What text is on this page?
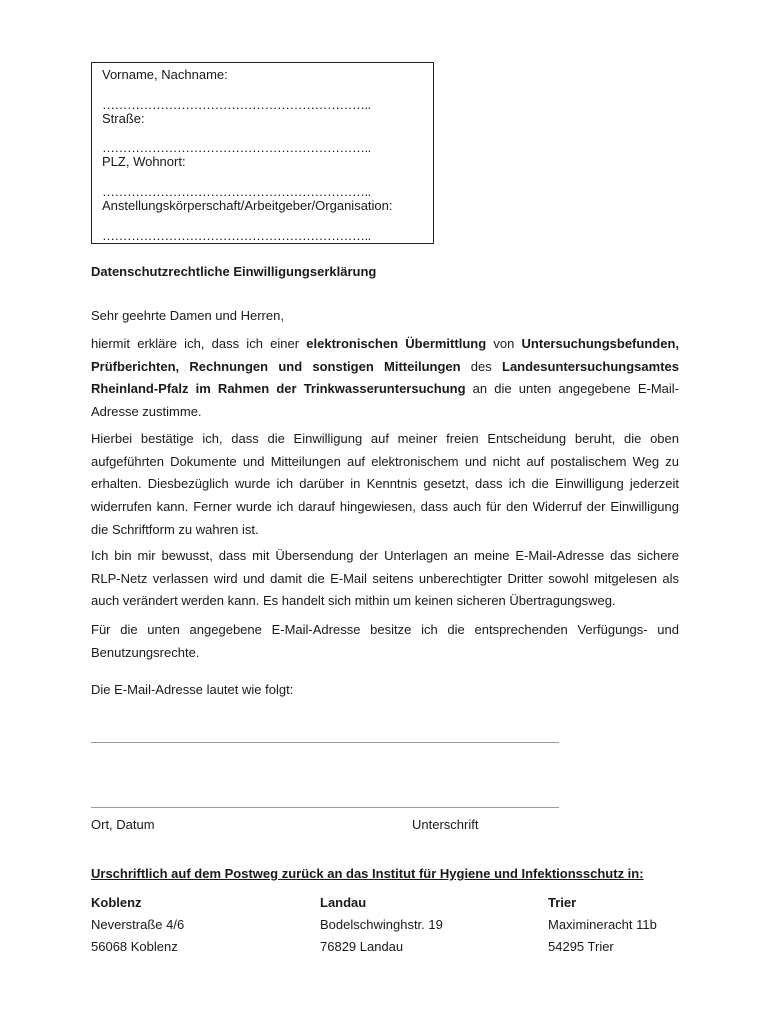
Vorname, Nachname:
………………………………………………………..
Straße:
………………………………………………………..
PLZ, Wohnort:
………………………………………………………..
Anstellungskörperschaft/Arbeitgeber/Organisation:
………………………………………………………..
Datenschutzrechtliche Einwilligungserklärung
Sehr geehrte Damen und Herren,
hiermit erkläre ich, dass ich einer elektronischen Übermittlung von Untersuchungsbefunden, Prüfberichten, Rechnungen und sonstigen Mitteilungen des Landesuntersuchungsamtes Rheinland-Pfalz im Rahmen der Trinkwasseruntersuchung an die unten angegebene E-Mail-Adresse zustimme.
Hierbei bestätige ich, dass die Einwilligung auf meiner freien Entscheidung beruht, die oben aufgeführten Dokumente und Mitteilungen auf elektronischem und nicht auf postalischem Weg zu erhalten. Diesbezüglich wurde ich darüber in Kenntnis gesetzt, dass ich die Einwilligung jederzeit widerrufen kann. Ferner wurde ich darauf hingewiesen, dass auch für den Widerruf der Einwilligung die Schriftform zu wahren ist.
Ich bin mir bewusst, dass mit Übersendung der Unterlagen an meine E-Mail-Adresse das sichere RLP-Netz verlassen wird und damit die E-Mail seitens unberechtigter Dritter sowohl mitgelesen als auch verändert werden kann. Es handelt sich mithin um keinen sicheren Übertragungsweg.
Für die unten angegebene E-Mail-Adresse besitze ich die entsprechenden Verfügungs- und Benutzungsrechte.
Die E-Mail-Adresse lautet wie folgt:
Ort, Datum	Unterschrift
Urschriftlich auf dem Postweg zurück an das Institut für Hygiene und Infektionsschutz in:
Koblenz
Neverstraße 4/6
56068 Koblenz
Landau
Bodelschwinghstr. 19
76829 Landau
Trier
Maximineracht 11b
54295 Trier
